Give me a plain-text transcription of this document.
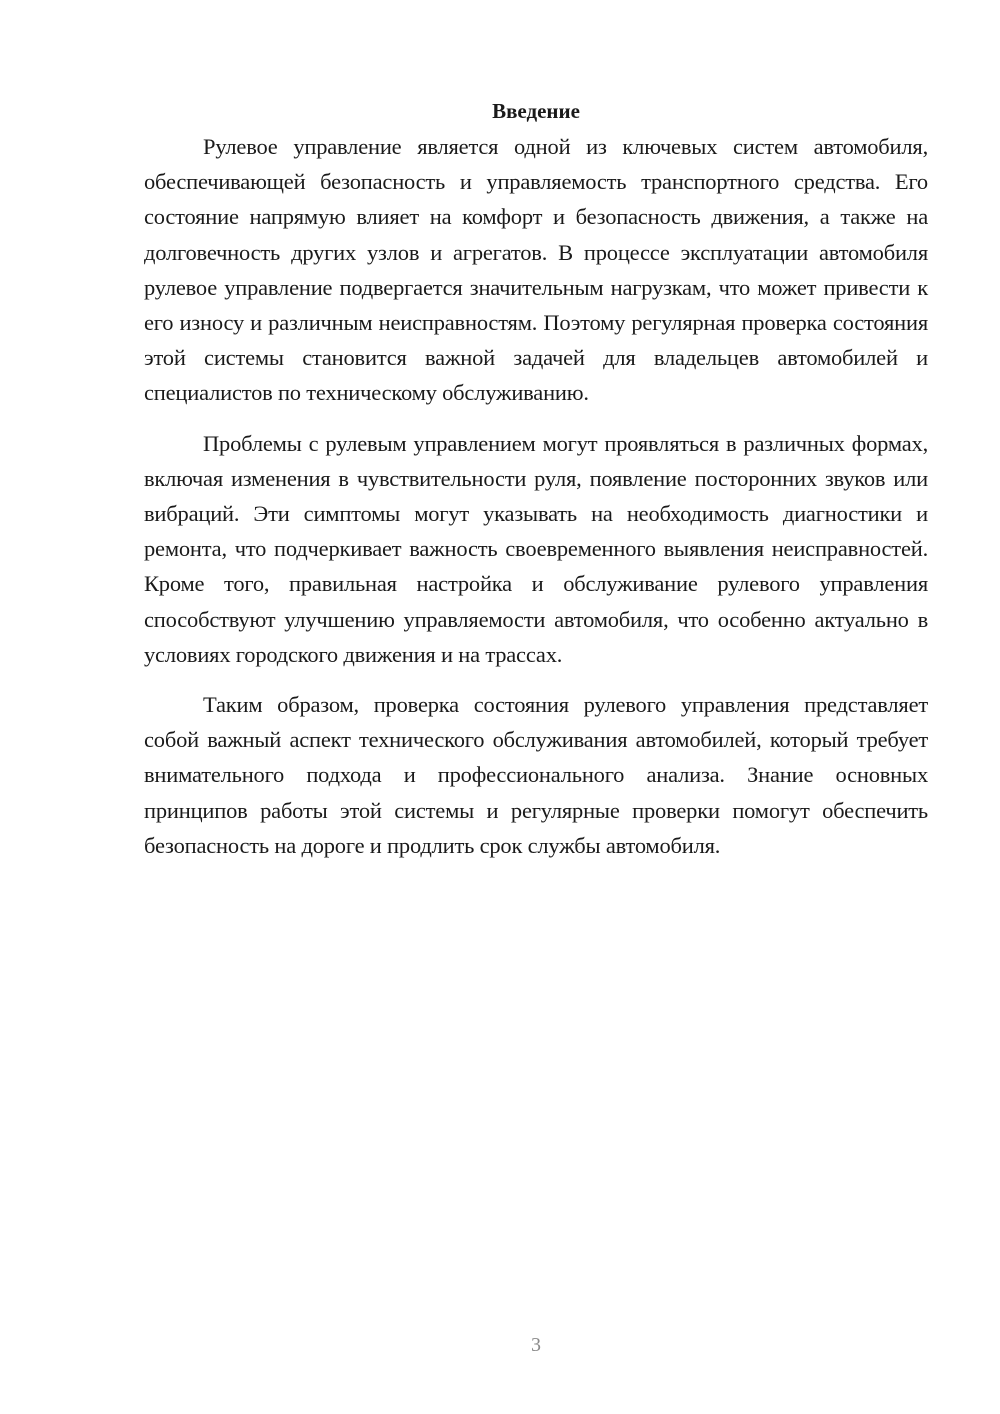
Введение

Рулевое управление является одной из ключевых систем автомобиля, обеспечивающей безопасность и управляемость транспортного средства. Его состояние напрямую влияет на комфорт и безопасность движения, а также на долговечность других узлов и агрегатов. В процессе эксплуатации автомобиля рулевое управление подвергается значительным нагрузкам, что может привести к его износу и различным неисправностям. Поэтому регулярная проверка состояния этой системы становится важной задачей для владельцев автомобилей и специалистов по техническому обслуживанию.

Проблемы с рулевым управлением могут проявляться в различных формах, включая изменения в чувствительности руля, появление посторонних звуков или вибраций. Эти симптомы могут указывать на необходимость диагностики и ремонта, что подчеркивает важность своевременного выявления неисправностей. Кроме того, правильная настройка и обслуживание рулевого управления способствуют улучшению управляемости автомобиля, что особенно актуально в условиях городского движения и на трассах.

Таким образом, проверка состояния рулевого управления представляет собой важный аспект технического обслуживания автомобилей, который требует внимательного подхода и профессионального анализа. Знание основных принципов работы этой системы и регулярные проверки помогут обеспечить безопасность на дороге и продлить срок службы автомобиля.

3
